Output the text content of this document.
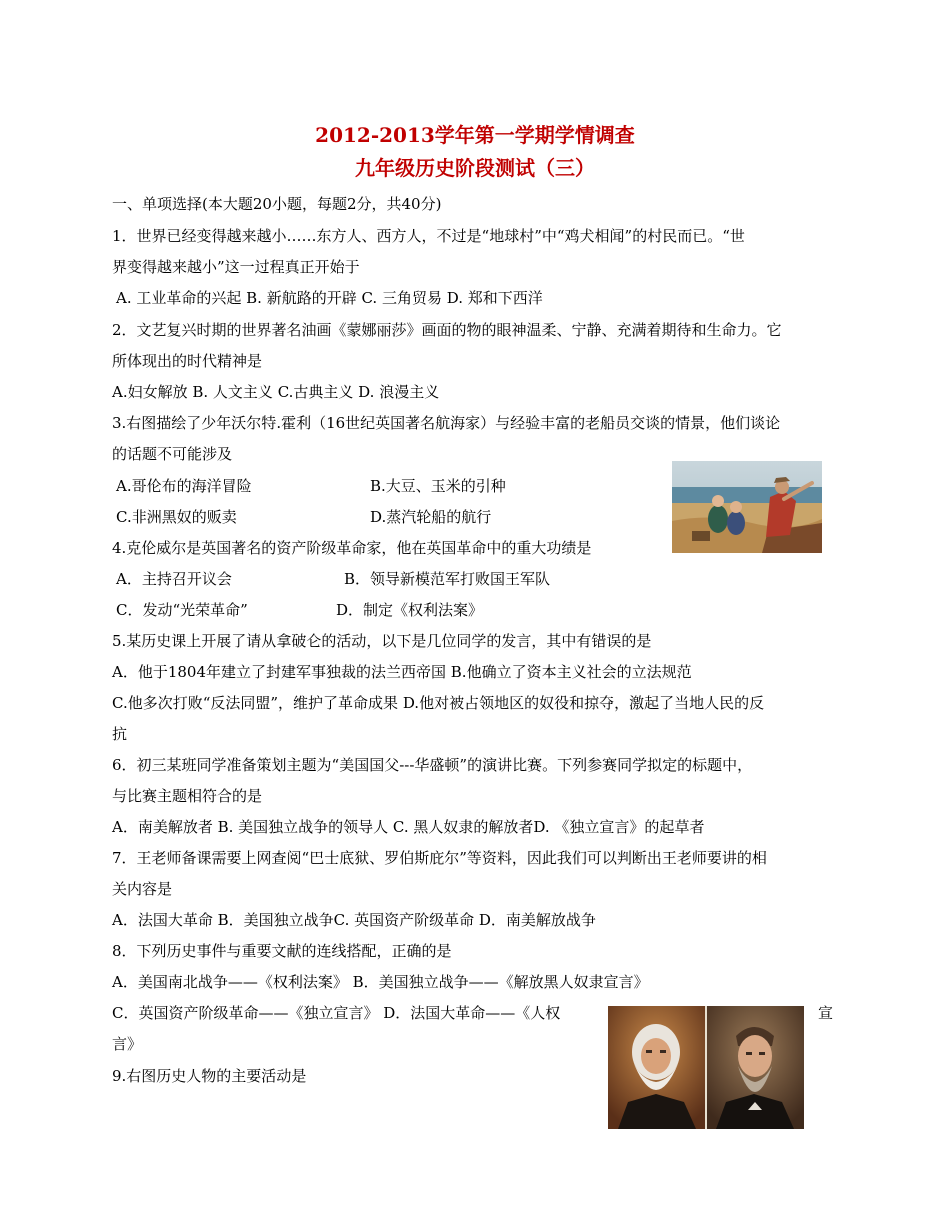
2012-2013学年第一学期学情调查
九年级历史阶段测试（三）
一、单项选择(本大题20小题，每题2分，共40分)
1．世界已经变得越来越小……东方人、西方人，不过是“地球村”中“鸡犬相闻”的村民而已。“世
界变得越来越小”这一过程真正开始于
A. 工业革命的兴起 B. 新航路的开辟 C. 三角贸易 D. 郑和下西洋
2．文艺复兴时期的世界著名油画《蒙娜丽莎》画面的物的眼神温柔、宁静、充满着期待和生命力。它
所体现出的时代精神是
A.妇女解放 B. 人文主义 C.古典主义 D. 浪漫主义
3.右图描绘了少年沃尔特.霍利（16世纪英国著名航海家）与经验丰富的老船员交谈的情景，他们谈论
的话题不可能涉及
A.哥伦布的海洋冒险	B.大豆、玉米的引种
C.非洲黑奴的贩卖	D.蒸汽轮船的航行
4.克伦威尔是英国著名的资产阶级革命家，他在英国革命中的重大功绩是
A．主持召开议会	B．领导新模范军打败国王军队
C．发动“光荣革命”	D．制定《权利法案》
5.某历史课上开展了请从拿破仑的活动，以下是几位同学的发言，其中有错误的是
A．他于1804年建立了封建军事独裁的法兰西帝国 B.他确立了资本主义社会的立法规范
C.他多次打败“反法同盟”，维护了革命成果 D.他对被占领地区的奴役和掠夺，激起了当地人民的反
抗
6．初三某班同学准备策划主题为“美国国父---华盛顿”的演讲比赛。下列参赛同学拟定的标题中，
与比赛主题相符合的是
A．南美解放者 B. 美国独立战争的领导人 C. 黑人奴隶的解放者D. 《独立宣言》的起草者
7．王老师备课需要上网查阅“巴士底狱、罗伯斯庇尔”等资料，因此我们可以判断出王老师要讲的相
关内容是
A．法国大革命 B．美国独立战争C. 英国资产阶级革命 D．南美解放战争
8．下列历史事件与重要文献的连线搭配，正确的是
A．美国南北战争——《权利法案》 B．美国独立战争——《解放黑人奴隶宣言》
C．英国资产阶级革命——《独立宣言》 D．法国大革命——《人权	宣
言》
9.右图历史人物的主要活动是
